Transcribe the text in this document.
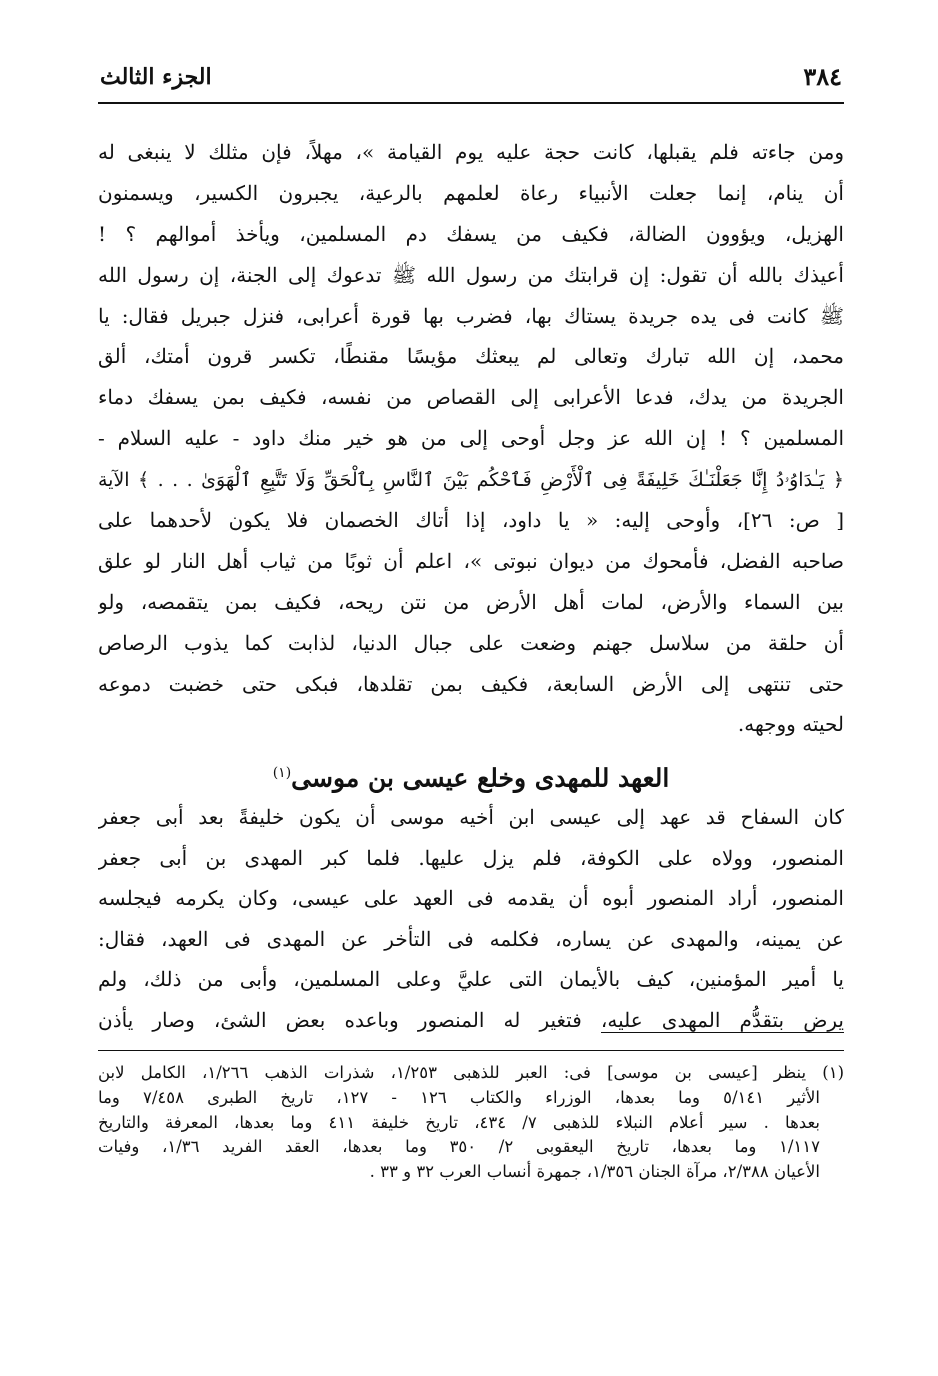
٣٨٤
الجزء الثالث
ومن جاءته فلم يقبلها، كانت حجة عليه يوم القيامة »، مهلاً، فإن مثلك لا ينبغى له
أن ينام، إنما جعلت الأنبياء رعاة لعلمهم بالرعية، يجبرون الكسير، ويسمنون
الهزيل، ويؤوون الضالة، فكيف من يسفك دم المسلمين، ويأخذ أموالهم ؟ !
أعيذك بالله أن تقول: إن قرابتك من رسول الله ﷺ تدعوك إلى الجنة، إن رسول الله
ﷺ كانت فى يده جريدة يستاك بها، فضرب بها قورة أعرابى، فنزل جبريل فقال: يا
محمد، إن الله تبارك وتعالى لم يبعثك مؤيسًا مقنطًا، تكسر قرون أمتك، ألق
الجريدة من يدك، فدعا الأعرابى إلى القصاص من نفسه، فكيف بمن يسفك دماء
المسلمين ؟ ! إن الله عز وجل أوحى إلى من هو خير منك داود - عليه السلام -
﴿ يَـٰدَاوُۥدُ إِنَّا جَعَلْنَـٰكَ خَلِيفَةً فِى ٱلْأَرْضِ فَٱحْكُم بَيْنَ ٱلنَّاسِ بِٱلْحَقِّ وَلَا تَتَّبِعِ ٱلْهَوَىٰ . . . ﴾ الآية
[ ص: ٢٦]، وأوحى إليه: « يا داود، إذا أتاك الخصمان فلا يكون لأحدهما على
صاحبه الفضل، فأمحوك من ديوان نبوتى »، اعلم أن ثوبًا من ثياب أهل النار لو علق
بين السماء والأرض، لمات أهل الأرض من نتن ريحه، فكيف بمن يتقمصه، ولو
أن حلقة من سلاسل جهنم وضعت على جبال الدنيا، لذابت كما يذوب الرصاص
حتى تنتهى إلى الأرض السابعة، فكيف بمن تقلدها، فبكى حتى خضبت دموعه
لحيته ووجهه.
العهد للمهدى وخلع عيسى بن موسى$^{(١)}$
كان السفاح قد عهد إلى عيسى ابن أخيه موسى أن يكون خليفةً بعد أبى جعفر
المنصور، وولاه على الكوفة، فلم يزل عليها. فلما كبر المهدى بن أبى جعفر
المنصور، أراد المنصور أبوه أن يقدمه فى العهد على عيسى، وكان يكرمه فيجلسه
عن يمينه، والمهدى عن يساره، فكلمه فى التأخر عن المهدى فى العهد، فقال:
يا أمير المؤمنين، كيف بالأيمان التى عليَّ وعلى المسلمين، وأبى من ذلك، ولم
يرض بتقدُّم المهدى عليه، فتغير له المنصور وباعده بعض الشئ، وصار يأذن
(١) ينظر [عيسى بن موسى] فى: العبر للذهبى ١/٢٥٣، شذرات الذهب ١/٢٦٦، الكامل لابن
الأثير ٥/١٤١ وما بعدها، الوزراء والكتاب ١٢٦ - ١٢٧، تاريخ الطبرى ٧/٤٥٨ وما
بعدها . سير أعلام النبلاء للذهبى ٧/ ٤٣٤، تاريخ خليفة ٤١١ وما بعدها، المعرفة والتاريخ
١/١١٧ وما بعدها، تاريخ اليعقوبى ٢/ ٣٥٠ وما بعدها، العقد الفريد ١/٣٦، وفيات
الأعيان ٢/٣٨٨، مرآة الجنان ١/٣٥٦، جمهرة أنساب العرب ٣٢ و ٣٣ .
